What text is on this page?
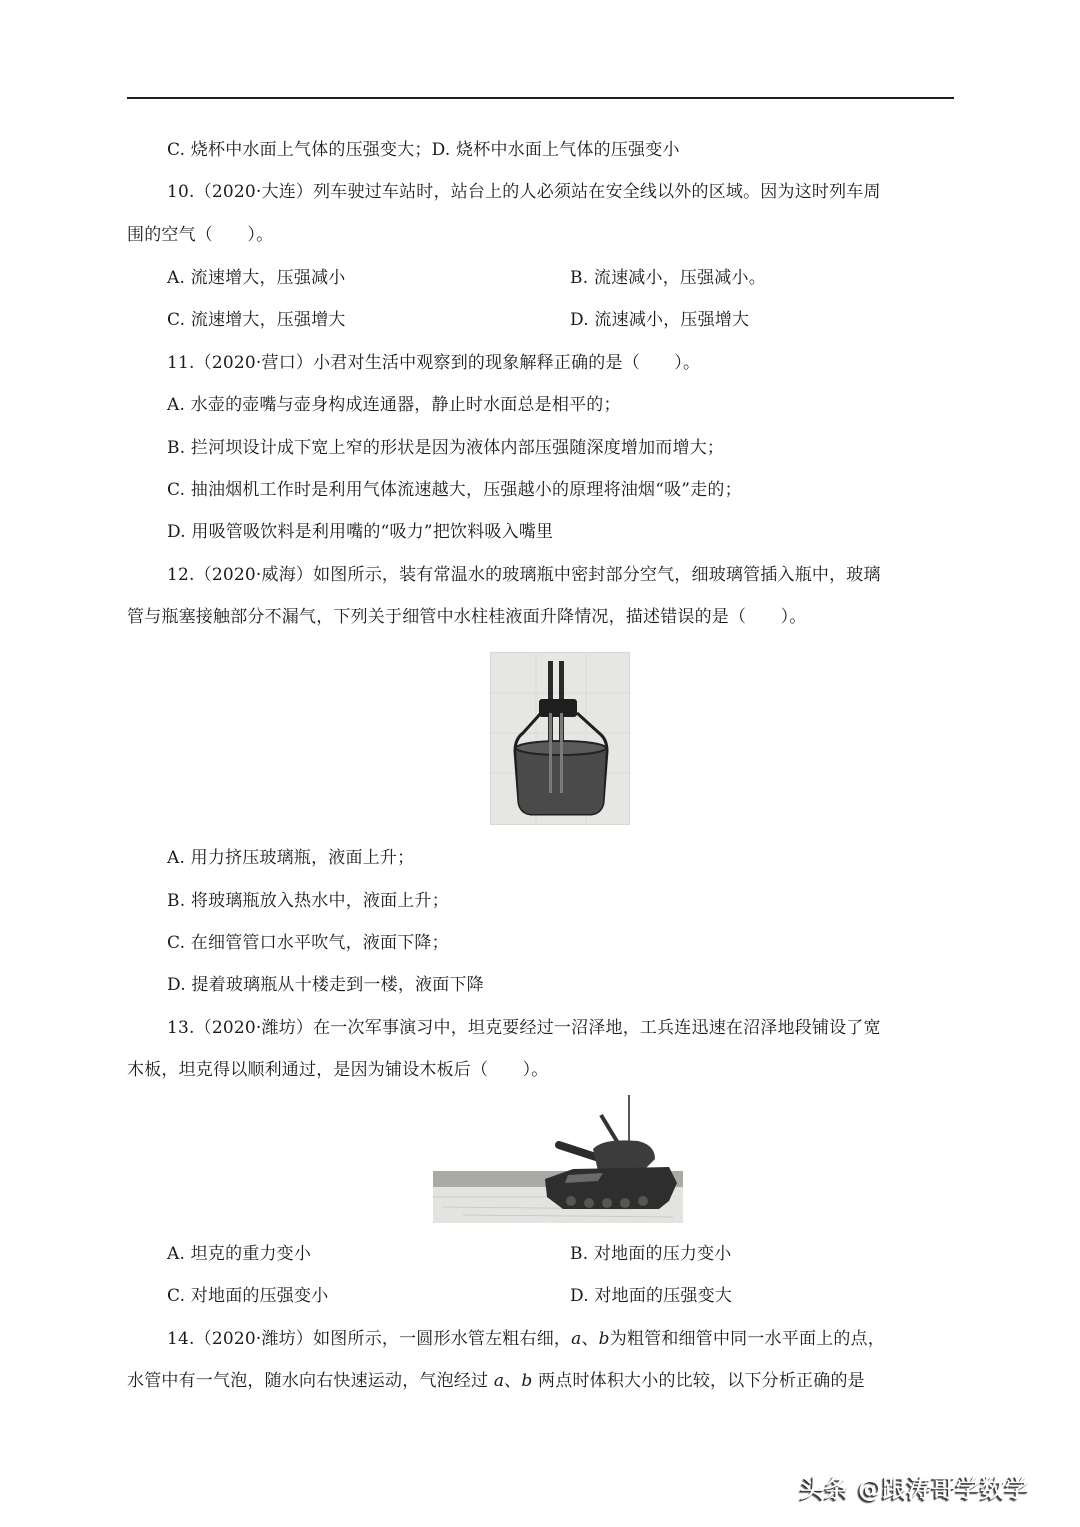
C. 烧杯中水面上气体的压强变大；D. 烧杯中水面上气体的压强变小
10.（2020·大连）列车驶过车站时，站台上的人必须站在安全线以外的区域。因为这时列车周
围的空气（　　）。
A. 流速增大，压强减小	B. 流速减小，压强减小。
C. 流速增大，压强增大	D. 流速减小，压强增大
11.（2020·营口）小君对生活中观察到的现象解释正确的是（　　）。
A. 水壶的壶嘴与壶身构成连通器，静止时水面总是相平的；
B. 拦河坝设计成下宽上窄的形状是因为液体内部压强随深度增加而增大；
C. 抽油烟机工作时是利用气体流速越大，压强越小的原理将油烟“吸”走的；
D. 用吸管吸饮料是利用嘴的“吸力”把饮料吸入嘴里
12.（2020·威海）如图所示，装有常温水的玻璃瓶中密封部分空气，细玻璃管插入瓶中，玻璃
管与瓶塞接触部分不漏气，下列关于细管中水柱桂液面升降情况，描述错误的是（　　）。
A. 用力挤压玻璃瓶，液面上升；
B. 将玻璃瓶放入热水中，液面上升；
C. 在细管管口水平吹气，液面下降；
D. 提着玻璃瓶从十楼走到一楼，液面下降
13.（2020·潍坊）在一次军事演习中，坦克要经过一沼泽地，工兵连迅速在沼泽地段铺设了宽
木板，坦克得以顺利通过，是因为铺设木板后（　　）。
A. 坦克的重力变小	B. 对地面的压力变小
C. 对地面的压强变小	D. 对地面的压强变大
14.（2020·潍坊）如图所示，一圆形水管左粗右细，a、b为粗管和细管中同一水平面上的点，
水管中有一气泡，随水向右快速运动，气泡经过 a、b 两点时体积大小的比较，以下分析正确的是
头条 @跟涛哥学数学
